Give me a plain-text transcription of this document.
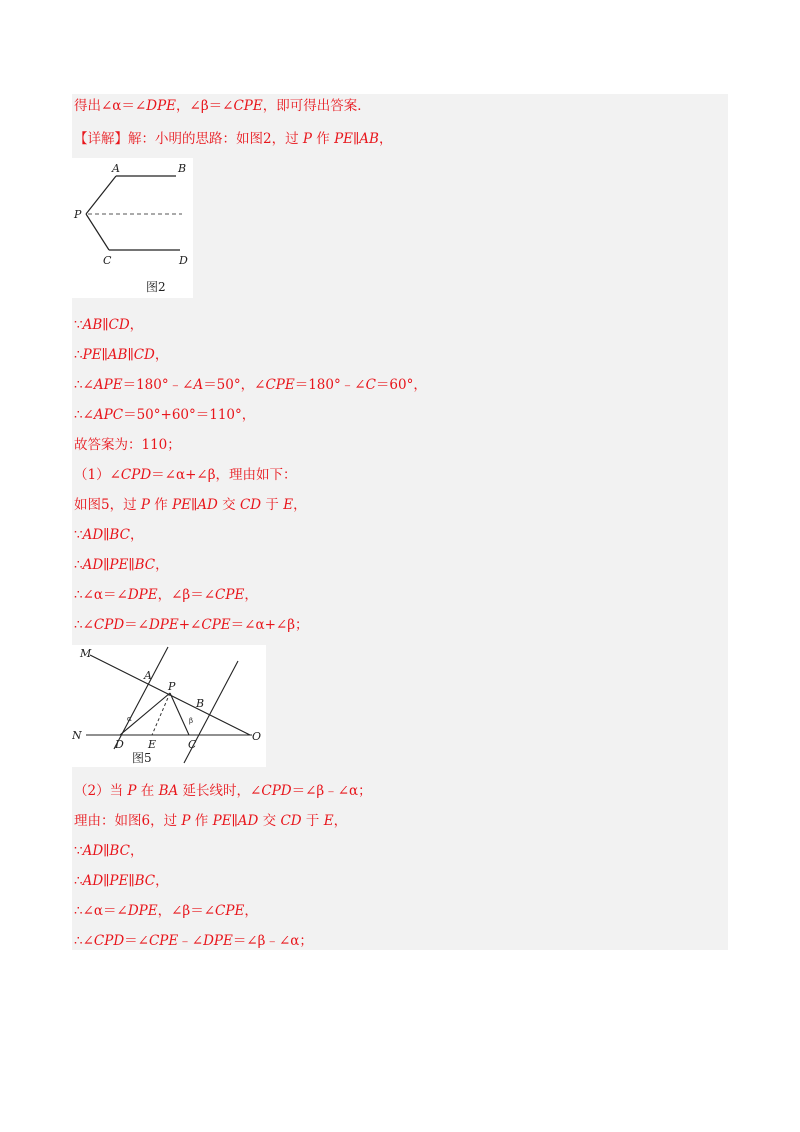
得出∠α＝∠DPE，∠β＝∠CPE，即可得出答案．
【详解】解：小明的思路：如图2，过 P 作 PE∥AB，
A	B
P
C	D
图2
∵AB∥CD，
∴PE∥AB∥CD，
∴∠APE＝180°﹣∠A＝50°，∠CPE＝180°﹣∠C＝60°，
∴∠APC＝50°+60°＝110°，
故答案为：110；
（1）∠CPD＝∠α+∠β，理由如下：
如图5，过 P 作 PE∥AD 交 CD 于 E，
∵AD∥BC，
∴AD∥PE∥BC，
∴∠α＝∠DPE，∠β＝∠CPE，
∴∠CPD＝∠DPE+∠CPE＝∠α+∠β；
M
A
P
B
N
D E	C
O
α	β
图5
（2）当 P 在 BA 延长线时，∠CPD＝∠β﹣∠α；
理由：如图6，过 P 作 PE∥AD 交 CD 于 E，
∵AD∥BC，
∴AD∥PE∥BC，
∴∠α＝∠DPE，∠β＝∠CPE，
∴∠CPD＝∠CPE﹣∠DPE＝∠β﹣∠α；
